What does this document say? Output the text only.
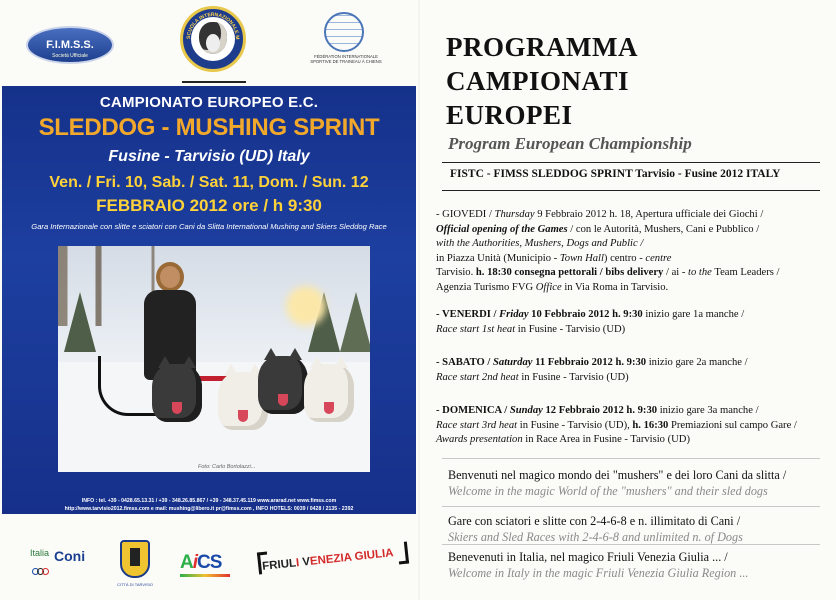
F.I.M.S.S.
Società Ufficiale
SCUOLA INTERNAZIONALE M
FÉDÉRATION INTERNATIONALE SPORTIVE DE TRAINEAU À CHIENS
CAMPIONATO EUROPEO E.C.
SLEDDOG - MUSHING SPRINT
Fusine - Tarvisio (UD) Italy
Ven. / Fri. 10, Sab. / Sat. 11, Dom. / Sun. 12
FEBBRAIO 2012 ore / h 9:30
Gara Internazionale con slitte e sciatori con Cani da Slitta International Mushing and Skiers Sleddog Race
Foto: Carlo Bortolazzi...
INFO : tel. +39 - 0428.65.13.31 / +39 - 348.26.85.867 / +39 - 348.37.45.119 www.ararad.net www.fimss.com
http://www.tarvisio2012.fimss.com e mail: mushing@libero.it pr@fimss.com , INFO HOTELS: 0039 / 0428 / 2135 - 2392
Italia Coni
CITTÀ DI TARVISIO
AiCS	FRIULI VENEZIA GIULIA
PROGRAMMA
CAMPIONATI
EUROPEI
Program European Championship
FISTC - FIMSS SLEDDOG SPRINT Tarvisio - Fusine 2012 ITALY

- GIOVEDI / Thursday 9 Febbraio 2012 h. 18, Apertura ufficiale dei Giochi /

Official opening of the Games / con le Autorità, Mushers, Cani e Pubblico /

with the Authorities, Mushers, Dogs and Public /

in Piazza Unità (Municipio - Town Hall) centro - centre

Tarvisio. h. 18:30 consegna pettorali / bibs delivery / ai - to the Team Leaders /

Agenzia Turismo FVG Office in Via Roma in Tarvisio.

- VENERDI / Friday 10 Febbraio 2012 h. 9:30 inizio gare 1a manche /

Race start 1st heat in Fusine - Tarvisio (UD)

- SABATO / Saturday 11 Febbraio 2012 h. 9:30 inizio gare 2a manche /

Race start 2nd heat in Fusine - Tarvisio (UD)

- DOMENICA / Sunday 12 Febbraio 2012 h. 9:30 inizio gare 3a manche /

Race start 3rd heat in Fusine - Tarvisio (UD), h. 16:30 Premiazioni sul campo Gare /

Awards presentation in Race Area in Fusine - Tarvisio (UD)

Benvenuti nel magico mondo dei "mushers" e dei loro Cani da slitta /
Welcome in the magic World of the "mushers" and their sled dogs
Gare con sciatori e slitte con 2-4-6-8 e n. illimitato di Cani /
Skiers and Sled Races with 2-4-6-8 and unlimited n. of Dogs
Benevenuti in Italia, nel magico Friuli Venezia Giulia ... /
Welcome in Italy in the magic Friuli Venezia Giulia Region ...
